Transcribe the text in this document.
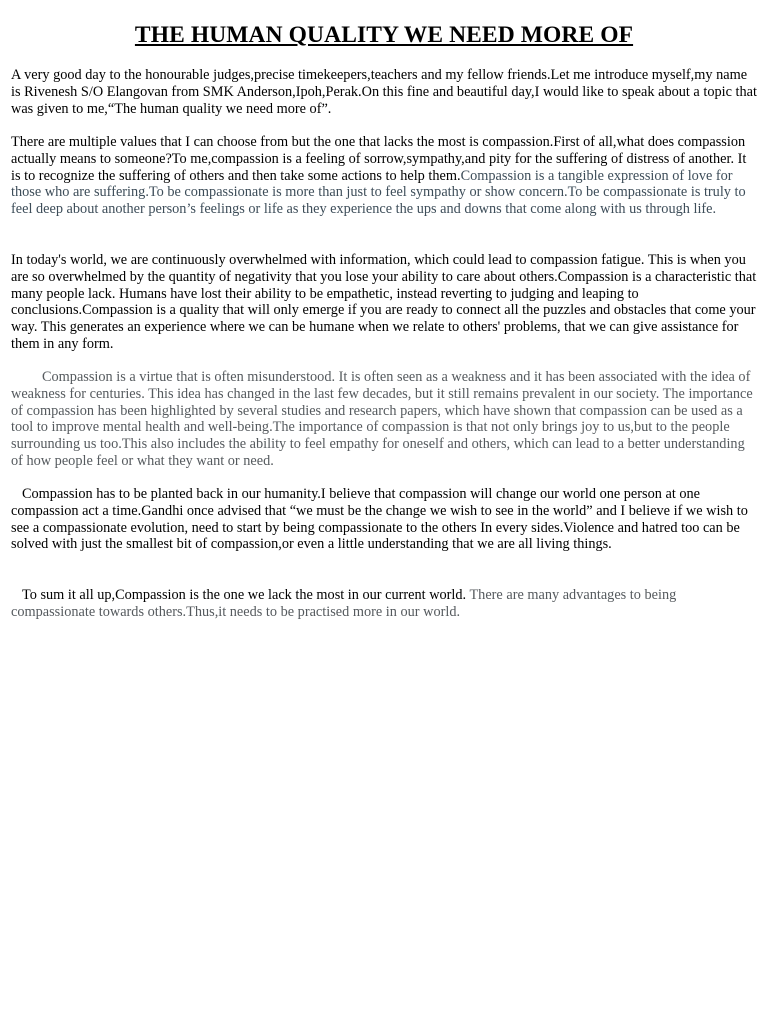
THE HUMAN QUALITY WE NEED MORE OF

A very good day to the honourable judges,precise timekeepers,teachers and my fellow friends.Let me introduce myself,my name is Rivenesh S/O Elangovan from SMK Anderson,Ipoh,Perak.On this fine and beautiful day,I would like to speak about a topic that was given to me,“The human quality we need more of”.

There are multiple values that I can choose from but the one that lacks the most is compassion.First of all,what does compassion actually means to someone?To me,compassion is a feeling of sorrow,sympathy,and pity for the suffering of distress of another. It is to recognize the suffering of others and then take some actions to help them.Compassion is a tangible expression of love for those who are suffering.To be compassionate is more than just to feel sympathy or show concern.To be compassionate is truly to feel deep about another person’s feelings or life as they experience the ups and downs that come along with us through life.

In today's world, we are continuously overwhelmed with information, which could lead to compassion fatigue. This is when you are so overwhelmed by the quantity of negativity that you lose your ability to care about others.Compassion is a characteristic that many people lack. Humans have lost their ability to be empathetic, instead reverting to judging and leaping to conclusions.Compassion is a quality that will only emerge if you are ready to connect all the puzzles and obstacles that come your way. This generates an experience where we can be humane when we relate to others' problems, that we can give assistance for them in any form.

Compassion is a virtue that is often misunderstood. It is often seen as a weakness and it has been associated with the idea of weakness for centuries. This idea has changed in the last few decades, but it still remains prevalent in our society. The importance of compassion has been highlighted by several studies and research papers, which have shown that compassion can be used as a tool to improve mental health and well-being.The importance of compassion is that not only brings joy to us,but to the people surrounding us too.This also includes the ability to feel empathy for oneself and others, which can lead to a better understanding of how people feel or what they want or need.

Compassion has to be planted back in our humanity.I believe that compassion will change our world one person at one compassion act a time.Gandhi once advised that “we must be the change we wish to see in the world” and I believe if we wish to see a compassionate evolution, need to start by being compassionate to the others In every sides.Violence and hatred too can be solved with just the smallest bit of compassion,or even a little understanding that we are all living things.

To sum it all up,Compassion is the one we lack the most in our current world. There are many advantages to being compassionate towards others.Thus,it needs to be practised more in our world.
